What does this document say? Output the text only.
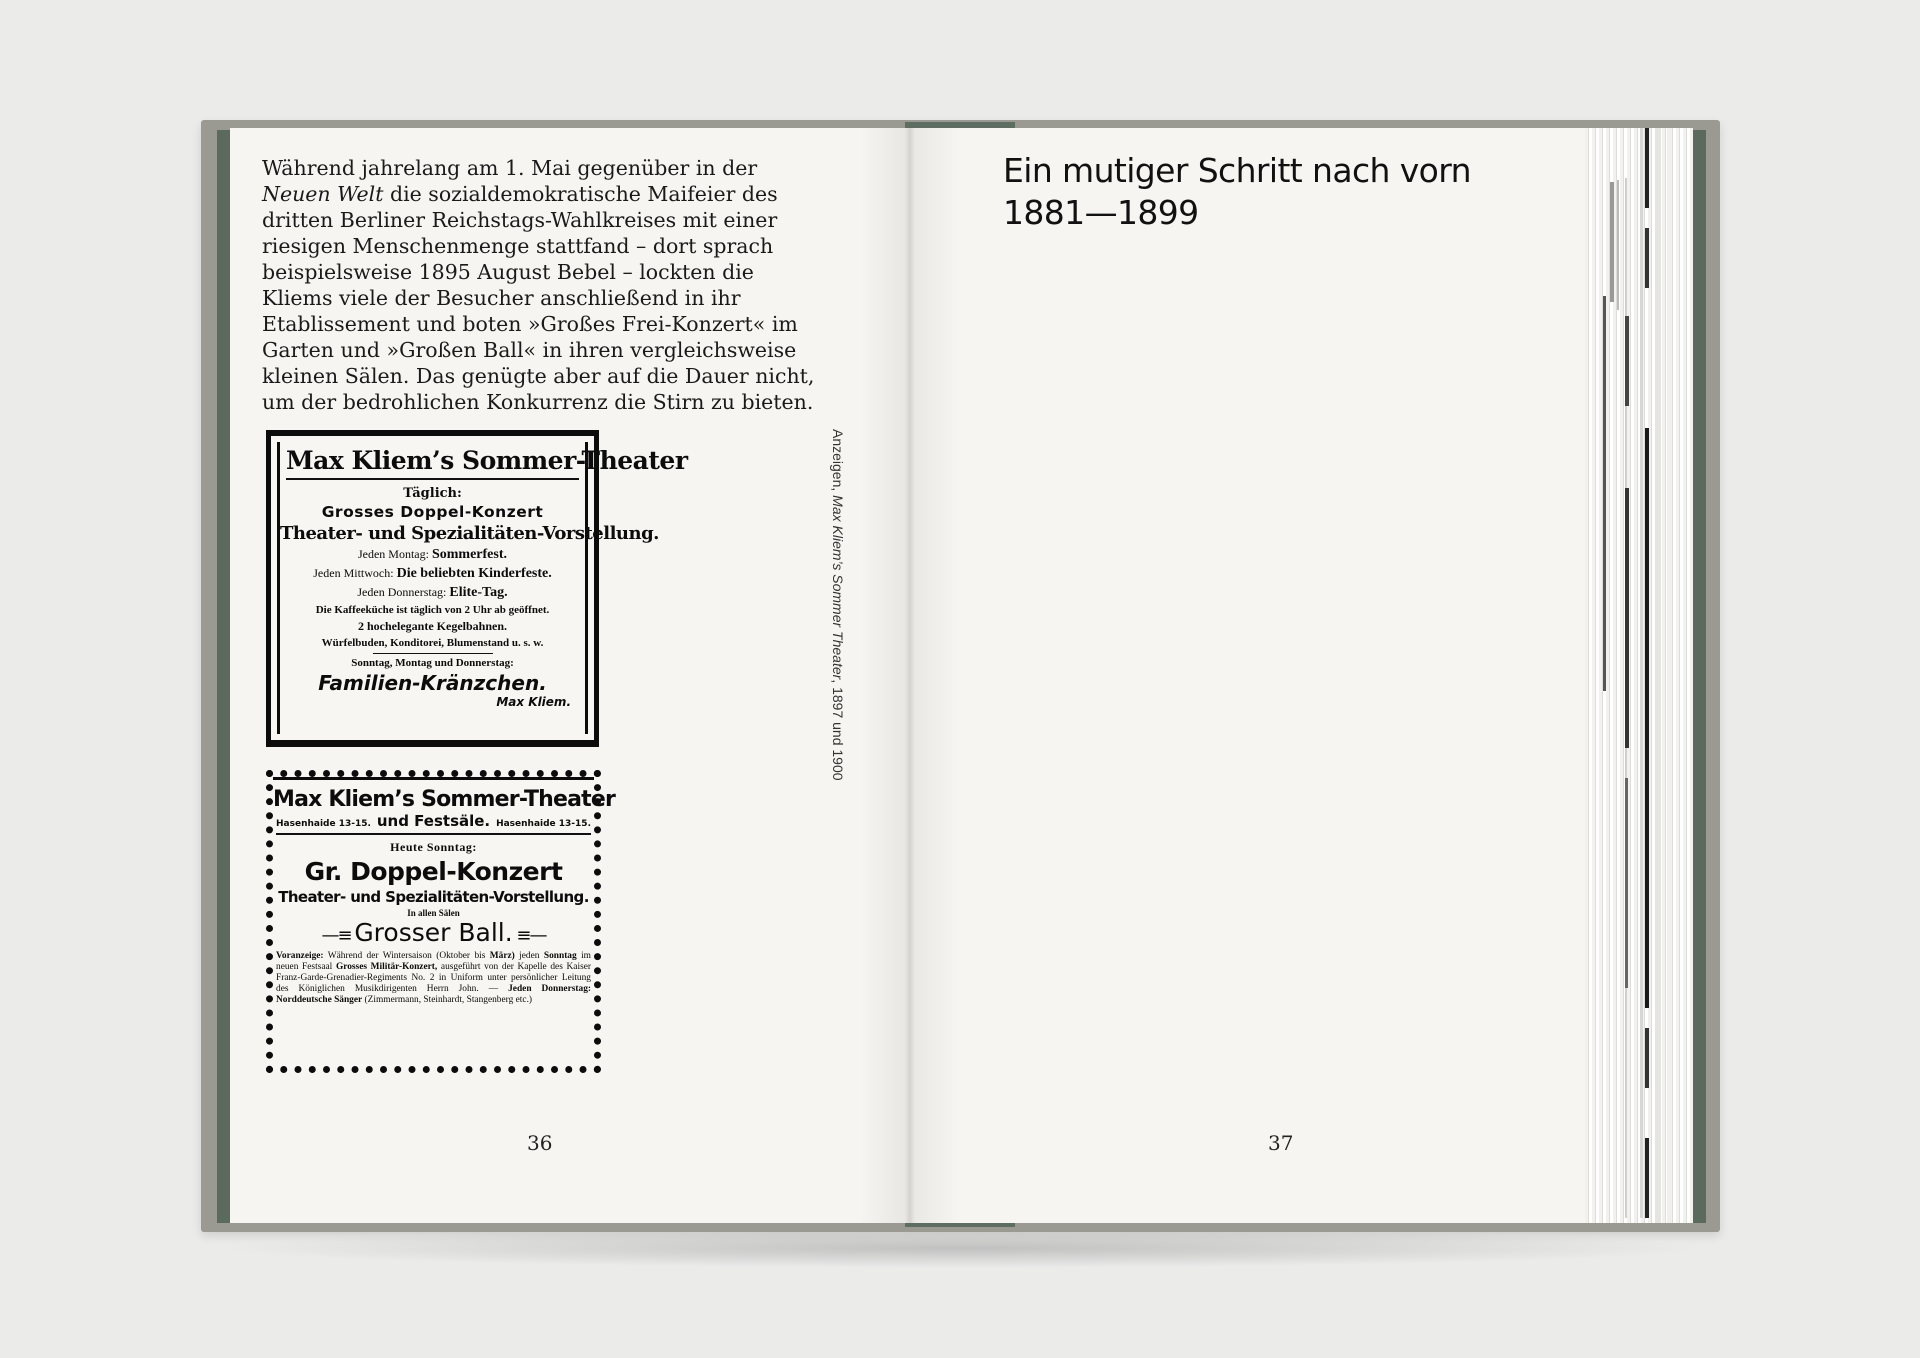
Während jahrelang am 1. Mai gegenüber in der Neuen Welt die sozialdemokratische Maifeier des dritten Berliner Reichstags-Wahlkreises mit einer riesigen Menschenmenge stattfand – dort sprach beispielsweise 1895 August Bebel – lockten die Kliems viele der Besucher anschließend in ihr Etablissement und boten »Großes Frei-Konzert« im Garten und »Großen Ball« in ihren vergleichsweise kleinen Sälen. Das genügte aber auf die Dauer nicht, um der bedrohlichen Konkurrenz die Stirn zu bieten.

Max Kliem’s Sommer-Theater
Täglich:
Grosses Doppel-Konzert
Theater- und Spezialitäten-Vorstellung.
Jeden Montag: Sommerfest.
Jeden Mittwoch: Die beliebten Kinderfeste.
Jeden Donnerstag: Elite-Tag.
Die Kaffeeküche ist täglich von 2 Uhr ab geöffnet.
2 hochelegante Kegelbahnen.
Würfelbuden, Konditorei, Blumenstand u. s. w.
Sonntag, Montag und Donnerstag:
Familien-Kränzchen.
Max Kliem.
Max Kliem’s Sommer-Theater
Hasenhaide 13-15. und Festsäle. Hasenhaide 13-15.
Heute Sonntag:
Gr. Doppel-Konzert
Theater- und Spezialitäten-Vorstellung.
In allen Sälen
—≡ Grosser Ball. ≡—
Voranzeige: Während der Wintersaison (Oktober bis März) jeden Sonntag im neuen Festsaal Grosses Militär-Konzert, ausgeführt von der Kapelle des Kaiser Franz-Garde-Grenadier-Regiments No. 2 in Uniform unter persönlicher Leitung des Königlichen Musikdirigenten Herrn John. — Jeden Donnerstag: Norddeutsche Sänger (Zimmermann, Steinhardt, Stangenberg etc.)
Anzeigen, Max Kliem’s Sommer Theater, 1897 und 1900
36
Ein mutiger Schritt nach vorn
1881—1899
37
